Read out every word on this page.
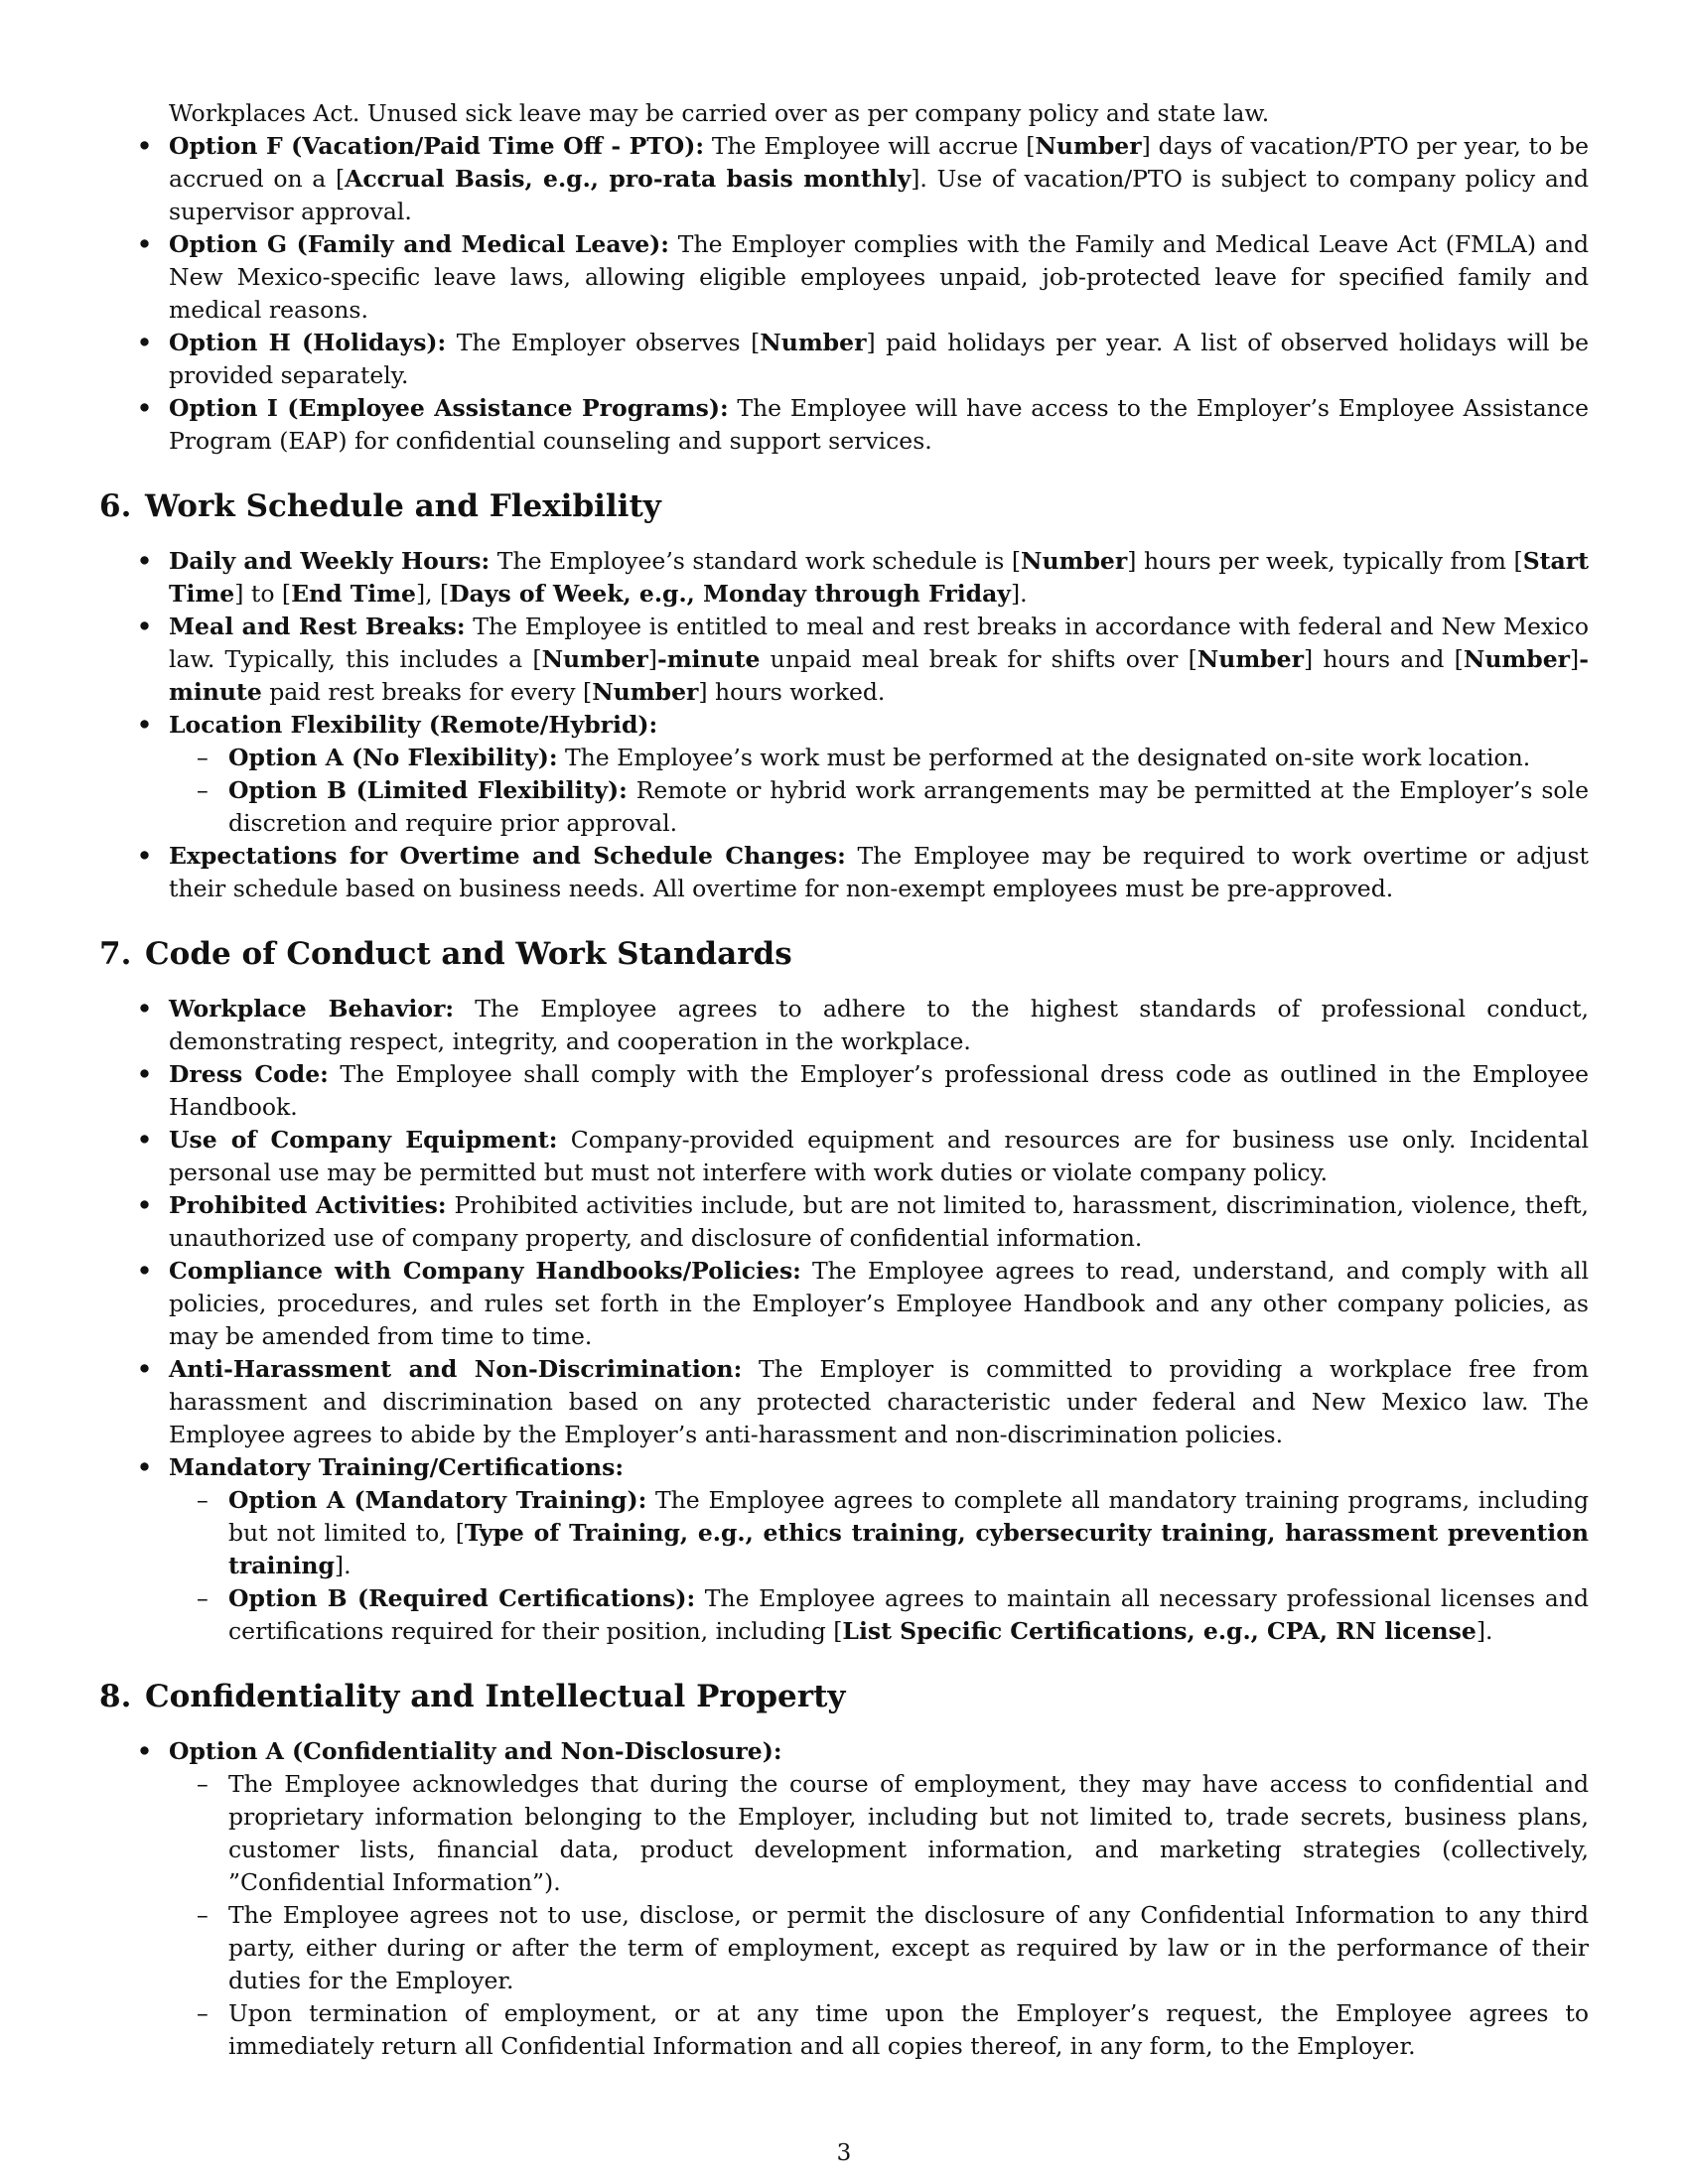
Workplaces Act. Unused sick leave may be carried over as per company policy and state law.

• Option F (Vacation/Paid Time Off - PTO): The Employee will accrue [Number] days of vacation/PTO per year, to be accrued on a [Accrual Basis, e.g., pro-rata basis monthly]. Use of vacation/PTO is subject to company policy and supervisor approval.
• Option G (Family and Medical Leave): The Employer complies with the Family and Medical Leave Act (FMLA) and New Mexico-specific leave laws, allowing eligible employees unpaid, job-protected leave for specified family and medical reasons.
• Option H (Holidays): The Employer observes [Number] paid holidays per year. A list of observed holidays will be provided separately.
• Option I (Employee Assistance Programs): The Employee will have access to the Employer’s Employee Assistance Program (EAP) for confidential counseling and support services.
6. Work Schedule and Flexibility
• Daily and Weekly Hours: The Employee’s standard work schedule is [Number] hours per week, typically from [Start Time] to [End Time], [Days of Week, e.g., Monday through Friday].
• Meal and Rest Breaks: The Employee is entitled to meal and rest breaks in accordance with federal and New Mexico law. Typically, this includes a [Number]-minute unpaid meal break for shifts over [Number] hours and [Number]-minute paid rest breaks for every [Number] hours worked.
• Location Flexibility (Remote/Hybrid):
– Option A (No Flexibility): The Employee’s work must be performed at the designated on-site work location.
– Option B (Limited Flexibility): Remote or hybrid work arrangements may be permitted at the Employer’s sole discretion and require prior approval.
• Expectations for Overtime and Schedule Changes: The Employee may be required to work overtime or adjust their schedule based on business needs. All overtime for non-exempt employees must be pre-approved.
7. Code of Conduct and Work Standards
• Workplace Behavior: The Employee agrees to adhere to the highest standards of professional conduct, demonstrating respect, integrity, and cooperation in the workplace.
• Dress Code: The Employee shall comply with the Employer’s professional dress code as outlined in the Employee Handbook.
• Use of Company Equipment: Company-provided equipment and resources are for business use only. Incidental personal use may be permitted but must not interfere with work duties or violate company policy.
• Prohibited Activities: Prohibited activities include, but are not limited to, harassment, discrimination, violence, theft, unauthorized use of company property, and disclosure of confidential information.
• Compliance with Company Handbooks/Policies: The Employee agrees to read, understand, and comply with all policies, procedures, and rules set forth in the Employer’s Employee Handbook and any other company policies, as may be amended from time to time.
• Anti-Harassment and Non-Discrimination: The Employer is committed to providing a workplace free from harassment and discrimination based on any protected characteristic under federal and New Mexico law. The Employee agrees to abide by the Employer’s anti-harassment and non-discrimination policies.
• Mandatory Training/Certifications:
– Option A (Mandatory Training): The Employee agrees to complete all mandatory training programs, including but not limited to, [Type of Training, e.g., ethics training, cybersecurity training, harassment prevention training].
– Option B (Required Certifications): The Employee agrees to maintain all necessary professional licenses and certifications required for their position, including [List Specific Certifications, e.g., CPA, RN license].
8. Confidentiality and Intellectual Property
• Option A (Confidentiality and Non-Disclosure):
– The Employee acknowledges that during the course of employment, they may have access to confidential and proprietary information belonging to the Employer, including but not limited to, trade secrets, business plans, customer lists, financial data, product development information, and marketing strategies (collectively, ”Confidential Information”).
– The Employee agrees not to use, disclose, or permit the disclosure of any Confidential Information to any third party, either during or after the term of employment, except as required by law or in the performance of their duties for the Employer.
– Upon termination of employment, or at any time upon the Employer’s request, the Employee agrees to immediately return all Confidential Information and all copies thereof, in any form, to the Employer.
3
